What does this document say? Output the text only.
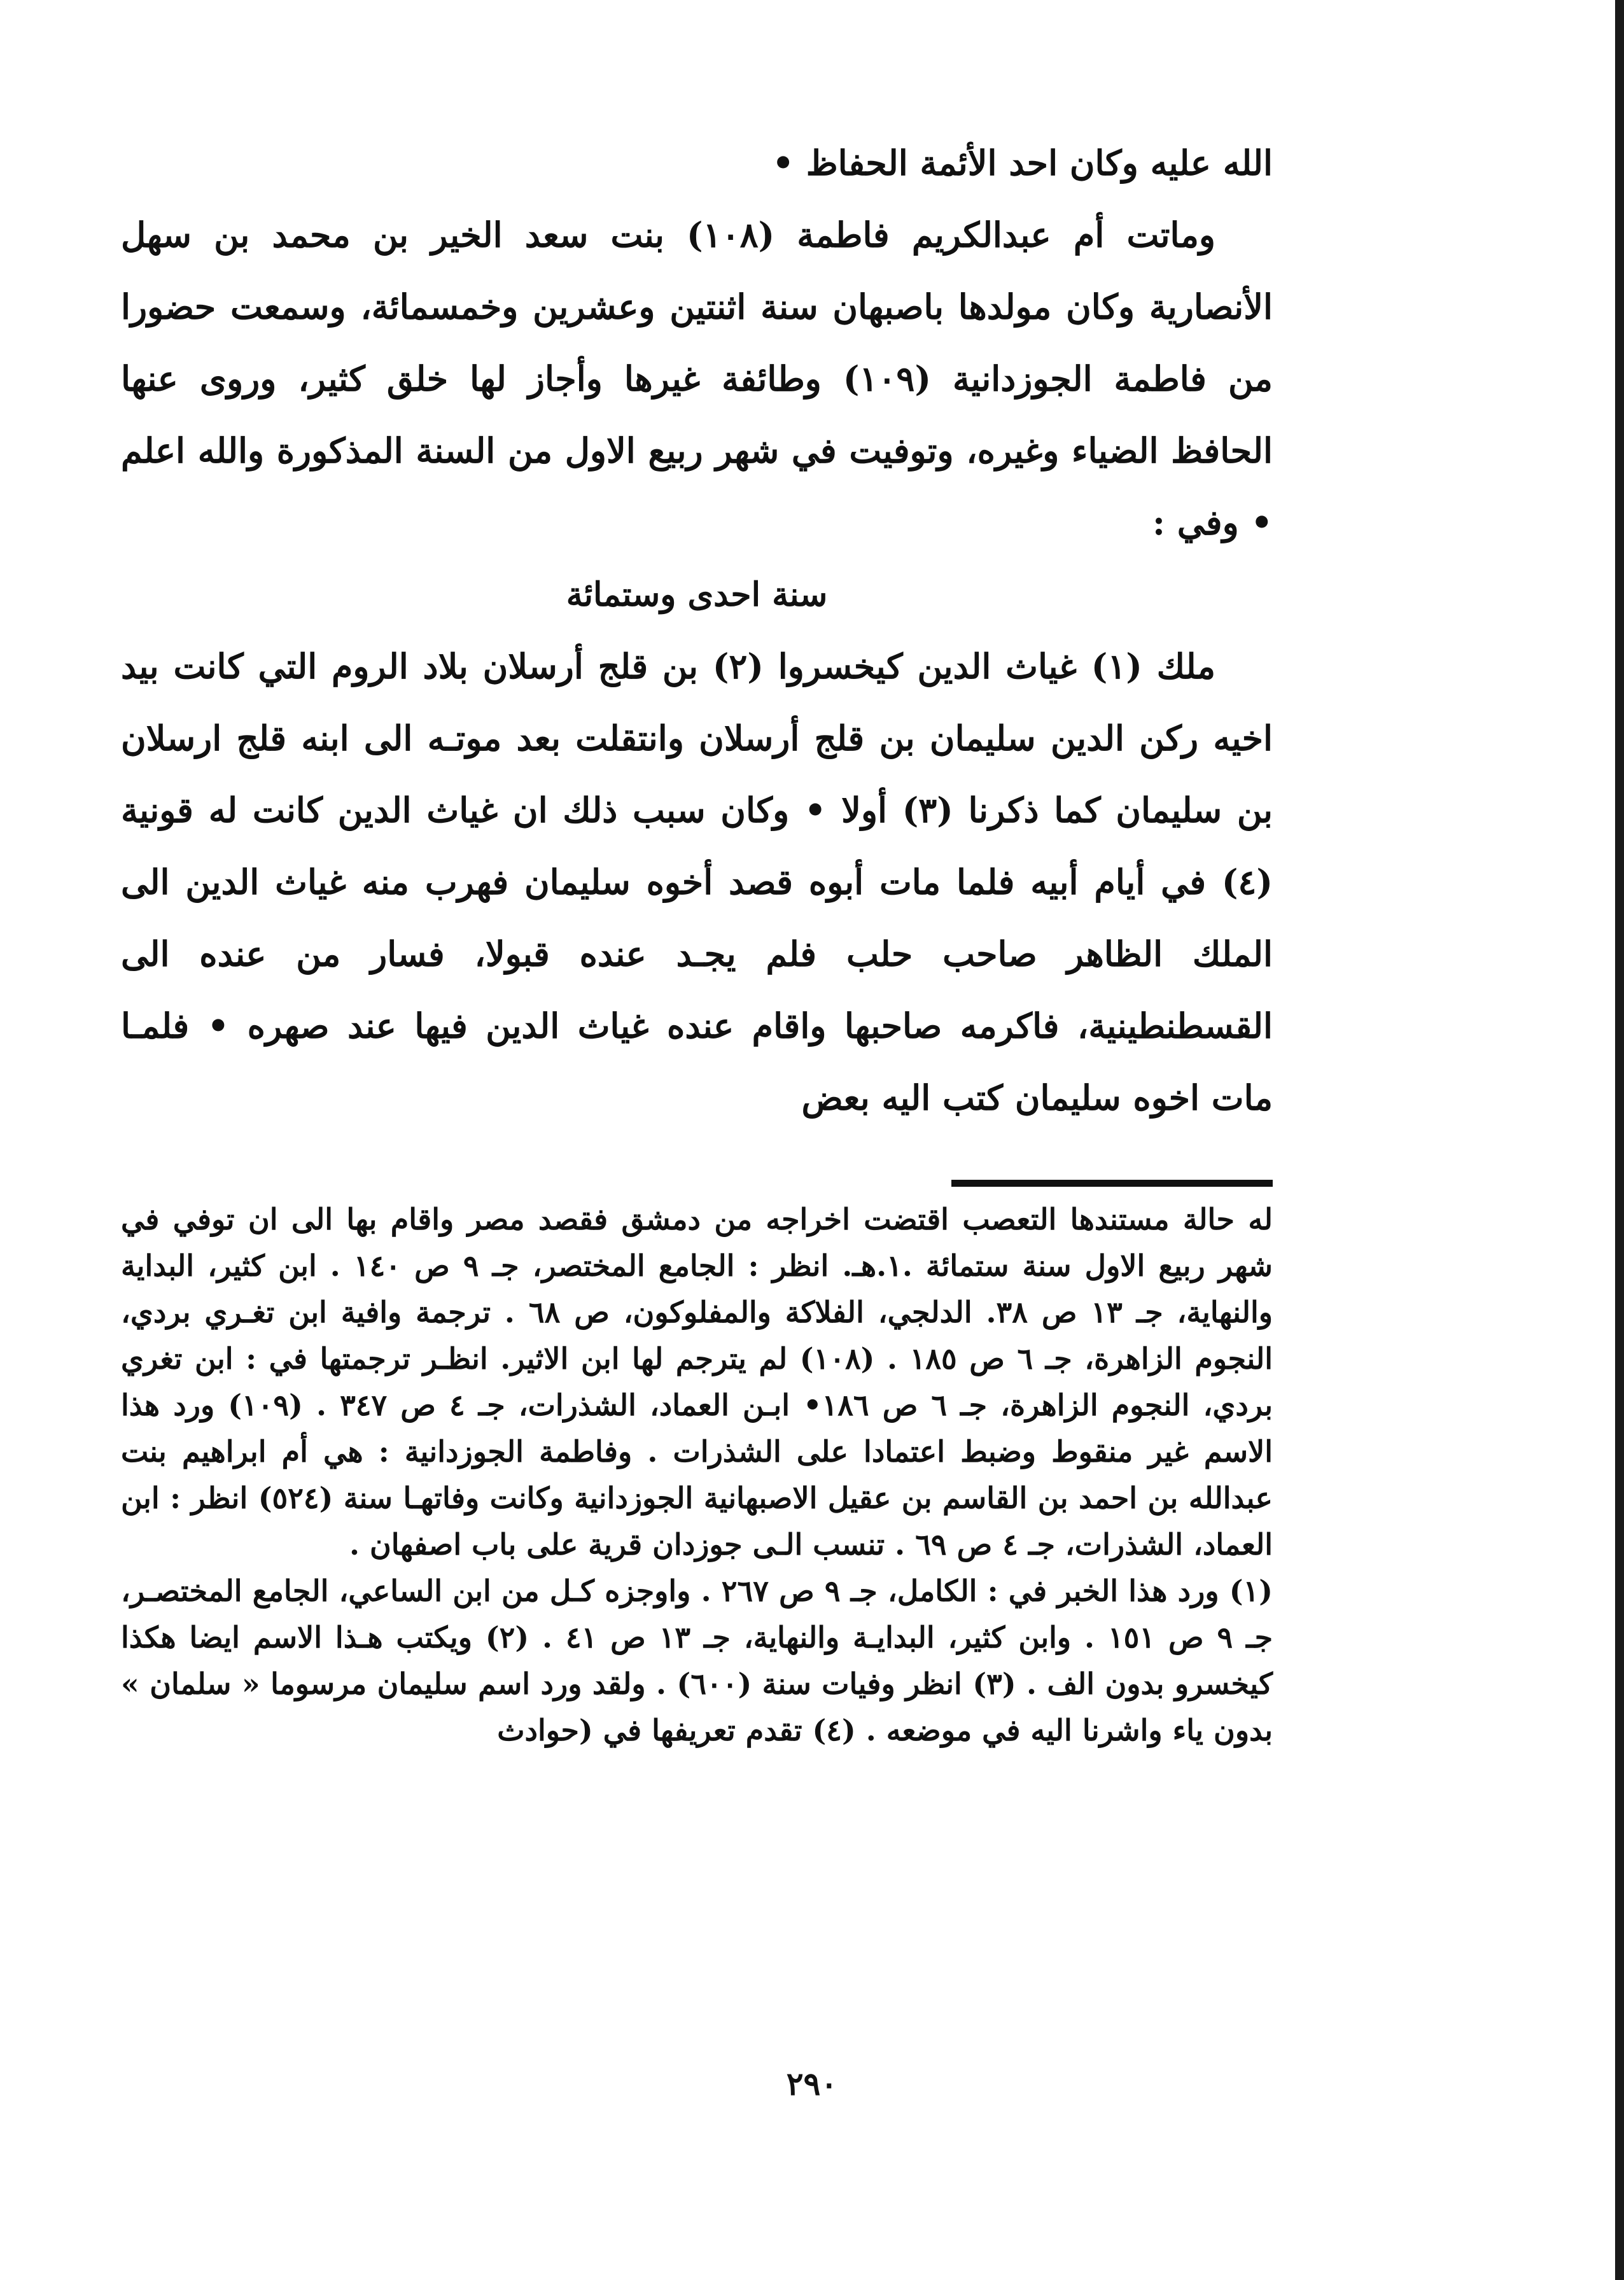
الله عليه وكان احد الأئمة الحفاظ •

وماتت أم عبدالكريم فاطمة (١٠٨) بنت سعد الخير بن محمد بن سهل الأنصارية وكان مولدها باصبهان سنة اثنتين وعشرين وخمسمائة، وسمعت حضورا من فاطمة الجوزدانية (١٠٩) وطائفة غيرها وأجاز لها خلق كثير، وروى عنها الحافظ الضياء وغيره، وتوفيت في شهر ربيع الاول من السنة المذكورة والله اعلم • وفي :

سنة احدى وستمائة

ملك (١) غياث الدين كيخسروا (٢) بن قلج أرسلان بلاد الروم التي كانت بيد اخيه ركن الدين سليمان بن قلج أرسلان وانتقلت بعد موتـه الى ابنه قلج ارسلان بن سليمان كما ذكرنا (٣) أولا • وكان سبب ذلك ان غياث الدين كانت له قونية (٤) في أيام أبيه فلما مات أبوه قصد أخوه سليمان فهرب منه غياث الدين الى الملك الظاهر صاحب حلب فلم يجـد عنده قبولا، فسار من عنده الى القسطنطينية، فاكرمه صاحبها واقام عنده غياث الدين فيها عند صهره • فلمـا مات اخوه سليمان كتب اليه بعض

له حالة مستندها التعصب اقتضت اخراجه من دمشق فقصد مصر واقام بها الى ان توفي في شهر ربيع الاول سنة ستمائة .١.هـ. انظر : الجامع المختصر، جـ ٩ ص ١٤٠ . ابن كثير، البداية والنهاية، جـ ١٣ ص ٣٨. الدلجي، الفلاكة والمفلوكون، ص ٦٨ . ترجمة وافية ابن تغـري بردي، النجوم الزاهرة، جـ ٦ ص ١٨٥ . (١٠٨) لم يترجم لها ابن الاثير. انظـر ترجمتها في : ابن تغري بردي، النجوم الزاهرة، جـ ٦ ص ١٨٦• ابـن العماد، الشذرات، جـ ٤ ص ٣٤٧ . (١٠٩) ورد هذا الاسم غير منقوط وضبط اعتمادا على الشذرات . وفاطمة الجوزدانية : هي أم ابراهيم بنت عبدالله بن احمد بن القاسم بن عقيل الاصبهانية الجوزدانية وكانت وفاتهـا سنة (٥٢٤) انظر : ابن العماد، الشذرات، جـ ٤ ص ٦٩ . تنسب الـى جوزدان قرية على باب اصفهان .

(١) ورد هذا الخبر في : الكامل، جـ ٩ ص ٢٦٧ . واوجزه كـل من ابن الساعي، الجامع المختصـر، جـ ٩ ص ١٥١ . وابن كثير، البدايـة والنهاية، جـ ١٣ ص ٤١ . (٢) ويكتب هـذا الاسم ايضا هكذا كيخسرو بدون الف . (٣) انظر وفيات سنة (٦٠٠) . ولقد ورد اسم سليمان مرسوما « سلمان » بدون ياء واشرنا اليه في موضعه . (٤) تقدم تعريفها في (حوادث

٢٩٠
